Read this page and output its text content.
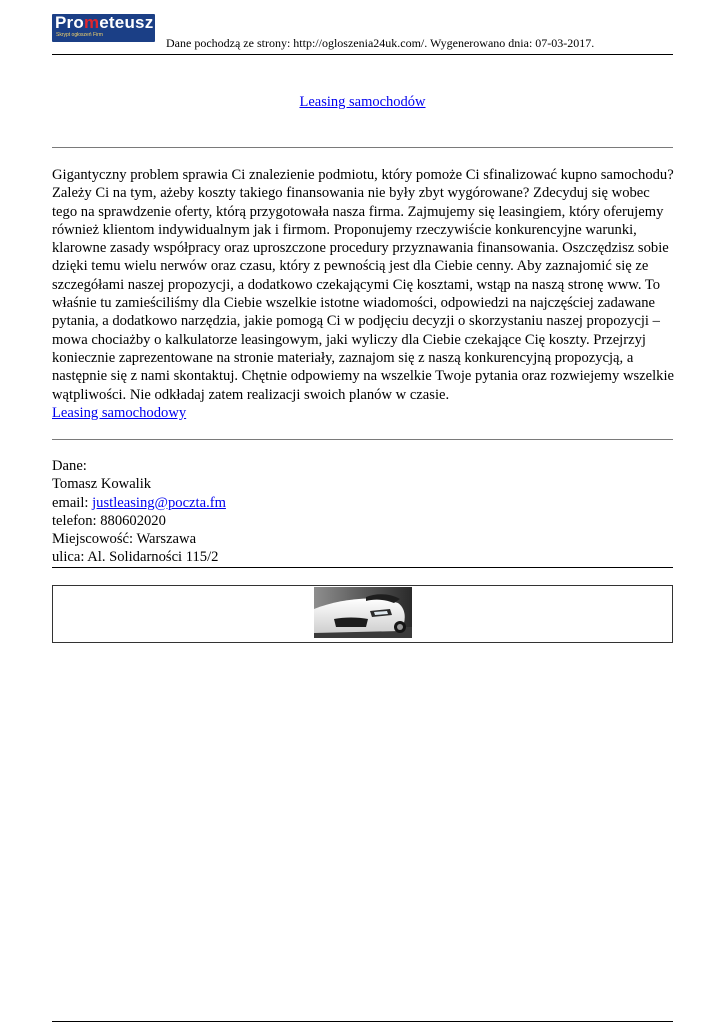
Prometeusz
Skrypt ogłoszeń Firm
Dane pochodzą ze strony: http://ogloszenia24uk.com/. Wygenerowano dnia: 07-03-2017.
Leasing samochodów
Gigantyczny problem sprawia Ci znalezienie podmiotu, który pomoże Ci sfinalizować kupno samochodu? Zależy Ci na tym, ażeby koszty takiego finansowania nie były zbyt wygórowane? Zdecyduj się wobec tego na sprawdzenie oferty, którą przygotowała nasza firma. Zajmujemy się leasingiem, który oferujemy również klientom indywidualnym jak i firmom. Proponujemy rzeczywiście konkurencyjne warunki, klarowne zasady współpracy oraz uproszczone procedury przyznawania finansowania. Oszczędzisz sobie dzięki temu wielu nerwów oraz czasu, który z pewnością jest dla Ciebie cenny. Aby zaznajomić się ze szczegółami naszej propozycji, a dodatkowo czekającymi Cię kosztami, wstąp na naszą stronę www. To właśnie tu zamieściliśmy dla Ciebie wszelkie istotne wiadomości, odpowiedzi na najczęściej zadawane pytania, a dodatkowo narzędzia, jakie pomogą Ci w podjęciu decyzji o skorzystaniu naszej propozycji – mowa chociażby o kalkulatorze leasingowym, jaki wyliczy dla Ciebie czekające Cię koszty. Przejrzyj koniecznie zaprezentowane na stronie materiały, zaznajom się z naszą konkurencyjną propozycją, a następnie się z nami skontaktuj. Chętnie odpowiemy na wszelkie Twoje pytania oraz rozwiejemy wszelkie wątpliwości. Nie odkładaj zatem realizacji swoich planów w czasie.
Leasing samochodowy
Dane:
Tomasz Kowalik
email: justleasing@poczta.fm
telefon: 880602020
Miejscowość: Warszawa
ulica: Al. Solidarności 115/2
